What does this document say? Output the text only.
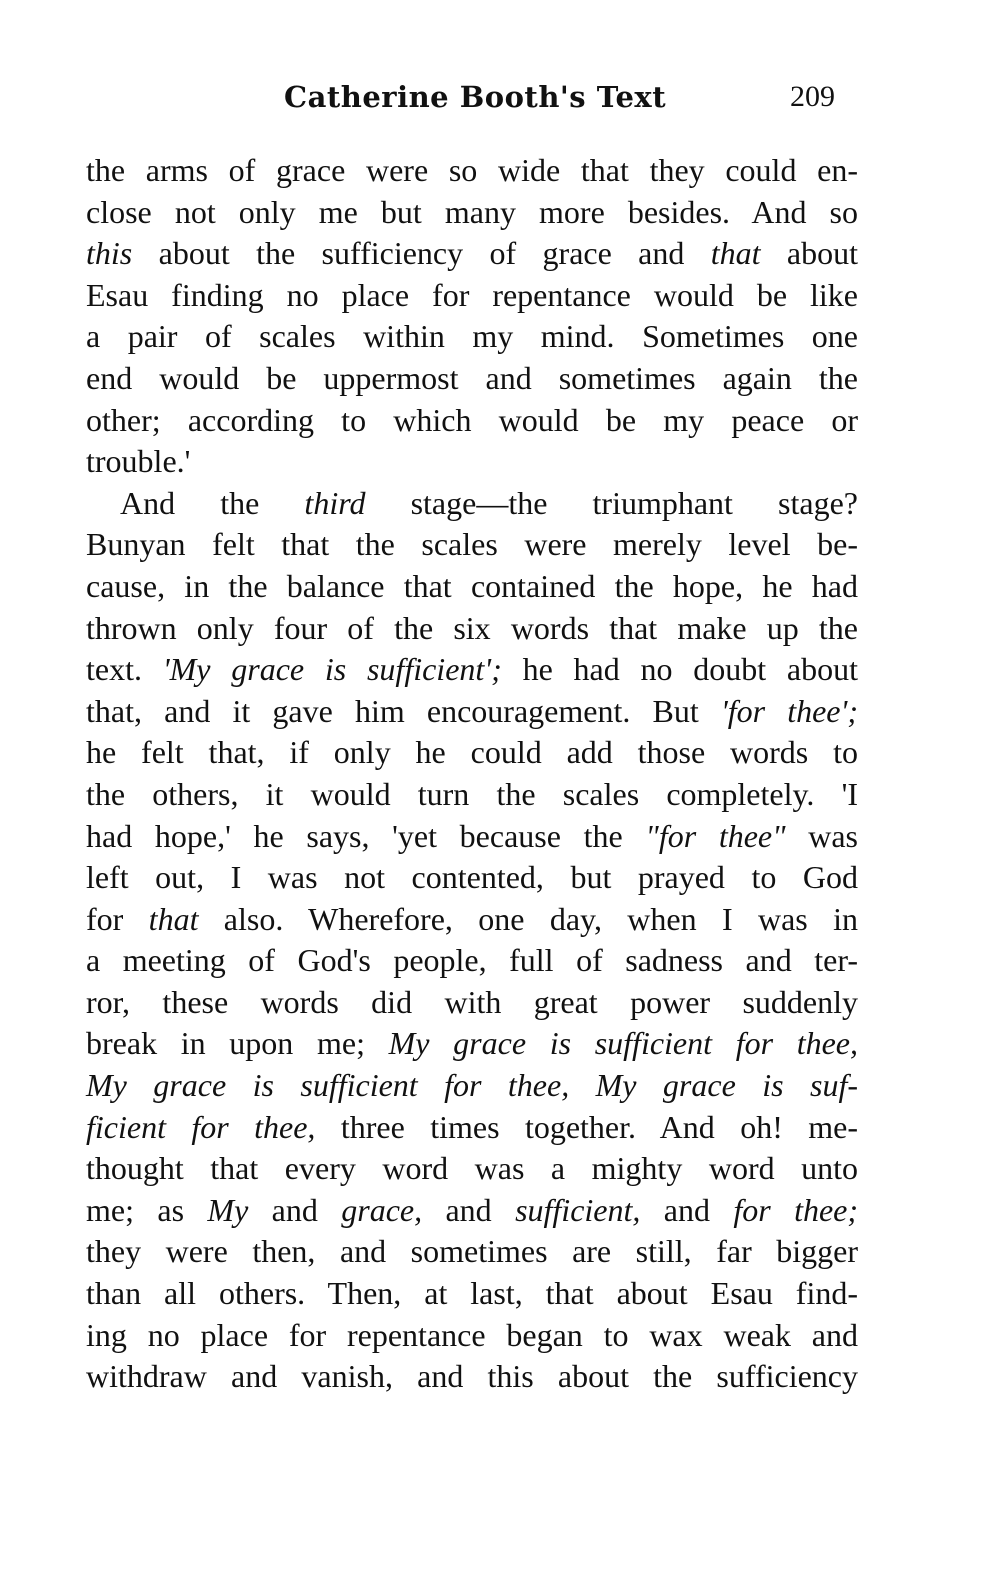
Catherine Booth's Text	209
the arms of grace were so wide that they could en-
close not only me but many more besides. And so
this about the sufficiency of grace and that about
Esau finding no place for repentance would be like
a pair of scales within my mind. Sometimes one
end would be uppermost and sometimes again the
other; according to which would be my peace or
trouble.'
And the third stage—the triumphant stage?
Bunyan felt that the scales were merely level be-
cause, in the balance that contained the hope, he had
thrown only four of the six words that make up the
text. 'My grace is sufficient'; he had no doubt about
that, and it gave him encouragement. But 'for thee';
he felt that, if only he could add those words to
the others, it would turn the scales completely. 'I
had hope,' he says, 'yet because the "for thee" was
left out, I was not contented, but prayed to God
for that also. Wherefore, one day, when I was in
a meeting of God's people, full of sadness and ter-
ror, these words did with great power suddenly
break in upon me; My grace is sufficient for thee,
My grace is sufficient for thee, My grace is suf-
ficient for thee, three times together. And oh! me-
thought that every word was a mighty word unto
me; as My and grace, and sufficient, and for thee;
they were then, and sometimes are still, far bigger
than all others. Then, at last, that about Esau find-
ing no place for repentance began to wax weak and
withdraw and vanish, and this about the sufficiency
